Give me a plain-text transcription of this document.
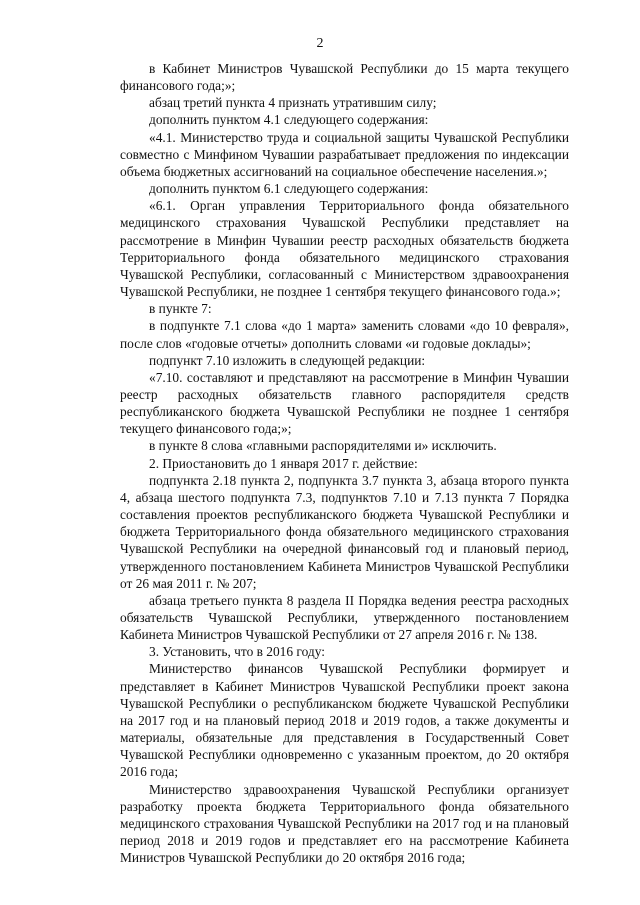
2

в Кабинет Министров Чувашской Республики до 15 марта текущего финансового года;»;

абзац третий пункта 4 признать утратившим силу;

дополнить пунктом 4.1 следующего содержания:

«4.1. Министерство труда и социальной защиты Чувашской Республики совместно с Минфином Чувашии разрабатывает предложения по индексации объема бюджетных ассигнований на социальное обеспечение населения.»;

дополнить пунктом 6.1 следующего содержания:

«6.1. Орган управления Территориального фонда обязательного медицинского страхования Чувашской Республики представляет на рассмотрение в Минфин Чувашии реестр расходных обязательств бюджета Территориального фонда обязательного медицинского страхования Чувашской Республики, согласованный с Министерством здравоохранения Чувашской Республики, не позднее 1 сентября текущего финансового года.»;

в пункте 7:

в подпункте 7.1 слова «до 1 марта» заменить словами «до 10 февраля», после слов «годовые отчеты» дополнить словами «и годовые доклады»;

подпункт 7.10 изложить в следующей редакции:

«7.10. составляют и представляют на рассмотрение в Минфин Чувашии реестр расходных обязательств главного распорядителя средств республиканского бюджета Чувашской Республики не позднее 1 сентября текущего финансового года;»;

в пункте 8 слова «главными распорядителями и» исключить.

2. Приостановить до 1 января 2017 г. действие:

подпункта 2.18 пункта 2, подпункта 3.7 пункта 3, абзаца второго пункта 4, абзаца шестого подпункта 7.3, подпунктов 7.10 и 7.13 пункта 7 Порядка составления проектов республиканского бюджета Чувашской Республики и бюджета Территориального фонда обязательного медицинского страхования Чувашской Республики на очередной финансовый год и плановый период, утвержденного постановлением Кабинета Министров Чувашской Республики от 26 мая 2011 г. № 207;

абзаца третьего пункта 8 раздела II Порядка ведения реестра расходных обязательств Чувашской Республики, утвержденного постановлением Кабинета Министров Чувашской Республики от 27 апреля 2016 г. № 138.

3. Установить, что в 2016 году:

Министерство финансов Чувашской Республики формирует и представляет в Кабинет Министров Чувашской Республики проект закона Чувашской Республики о республиканском бюджете Чувашской Республики на 2017 год и на плановый период 2018 и 2019 годов, а также документы и материалы, обязательные для представления в Государственный Совет Чувашской Республики одновременно с указанным проектом, до 20 октября 2016 года;

Министерство здравоохранения Чувашской Республики организует разработку проекта бюджета Территориального фонда обязательного медицинского страхования Чувашской Республики на 2017 год и на плановый период 2018 и 2019 годов и представляет его на рассмотрение Кабинета Министров Чувашской Республики до 20 октября 2016 года;
